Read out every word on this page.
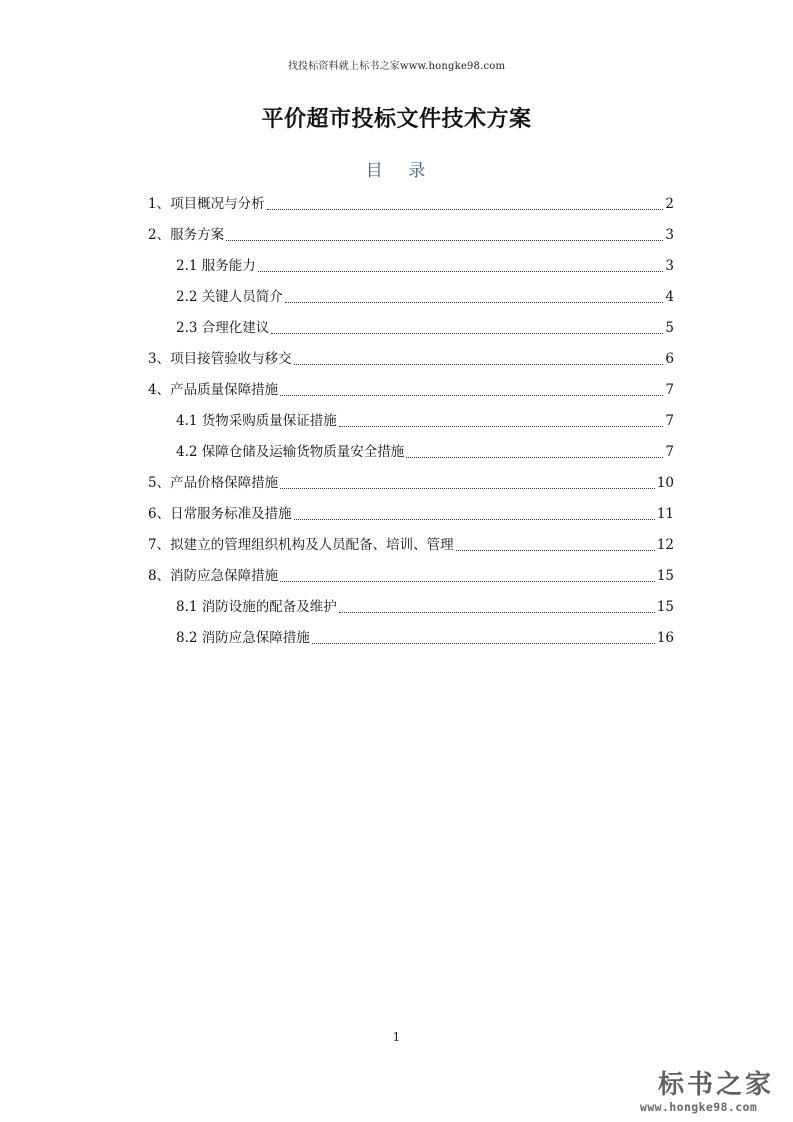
找投标资料就上标书之家www.hongke98.com
平价超市投标文件技术方案
目 录
1、项目概况与分析	2
2、服务方案	3
2.1 服务能力	3
2.2 关键人员简介	4
2.3 合理化建议	5
3、项目接管验收与移交	6
4、产品质量保障措施	7
4.1 货物采购质量保证措施	7
4.2 保障仓储及运输货物质量安全措施	7
5、产品价格保障措施	10
6、日常服务标准及措施	11
7、拟建立的管理组织机构及人员配备、培训、管理	12
8、消防应急保障措施	15
8.1 消防设施的配备及维护	15
8.2 消防应急保障措施	16
1
标书之家
www.hongke98.com
